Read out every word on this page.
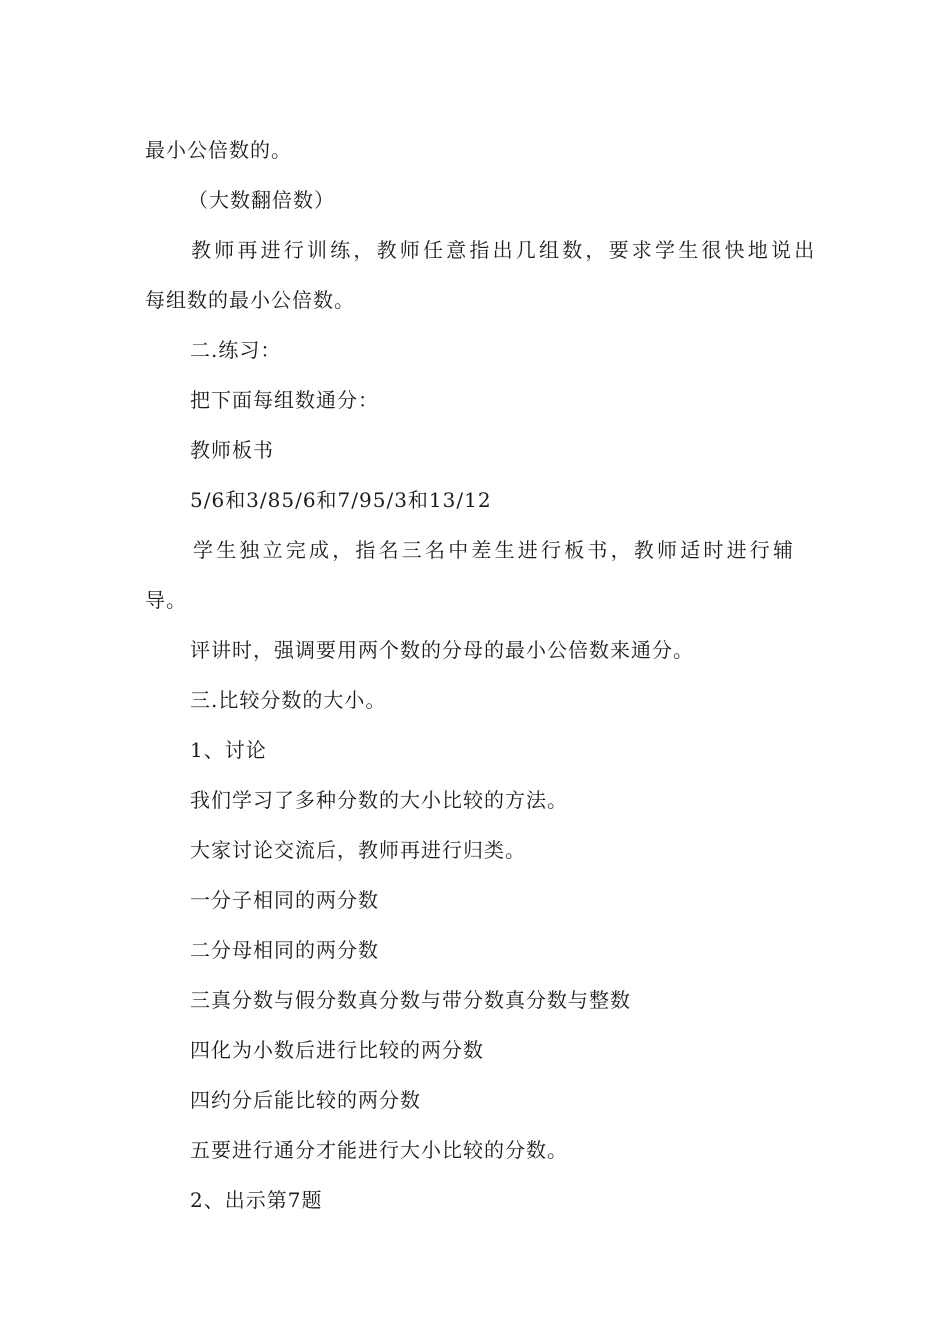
最小公倍数的。
（大数翻倍数）
教师再进行训练，教师任意指出几组数，要求学生很快地说出
每组数的最小公倍数。
二.练习：
把下面每组数通分：
教师板书
5/6和3/85/6和7/95/3和13/12
学生独立完成，指名三名中差生进行板书，教师适时进行辅
导。
评讲时，强调要用两个数的分母的最小公倍数来通分。
三.比较分数的大小。
1、讨论
我们学习了多种分数的大小比较的方法。
大家讨论交流后，教师再进行归类。
一分子相同的两分数
二分母相同的两分数
三真分数与假分数真分数与带分数真分数与整数
四化为小数后进行比较的两分数
四约分后能比较的两分数
五要进行通分才能进行大小比较的分数。
2、出示第7题
